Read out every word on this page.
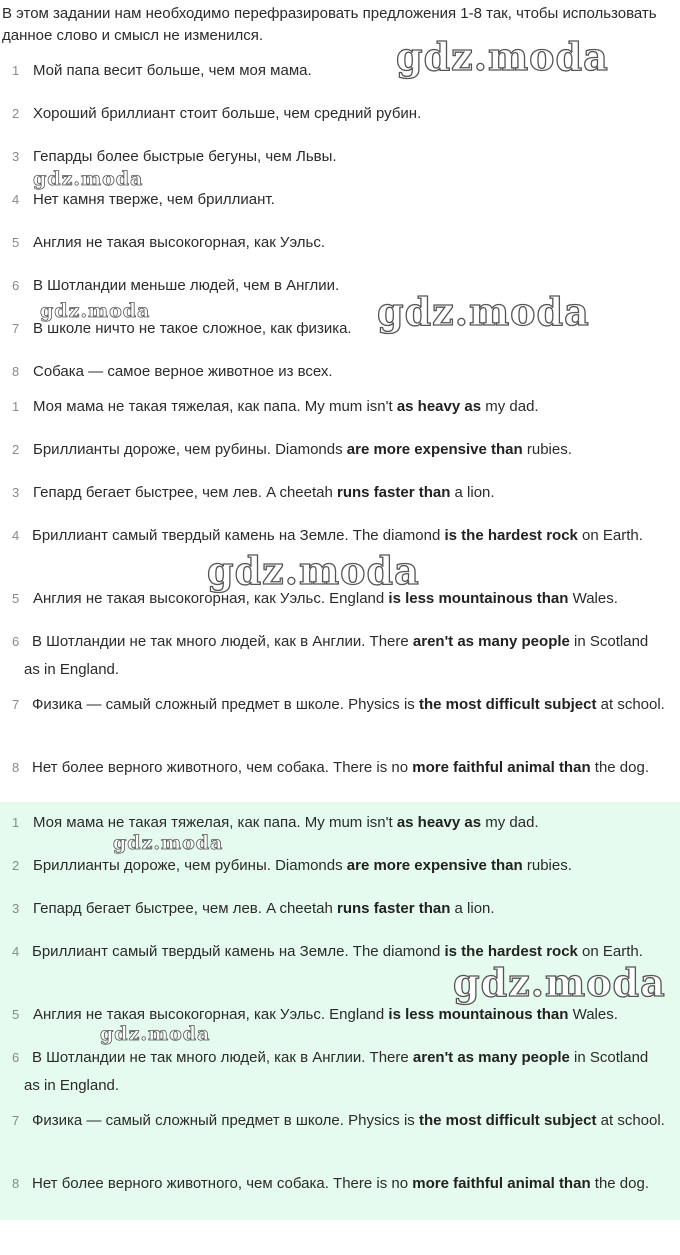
В этом задании нам необходимо перефразировать предложения 1-8 так, чтобы использовать данное слово и смысл не изменился.
1 Мой папа весит больше, чем моя мама.
2 Хороший бриллиант стоит больше, чем средний рубин.
3 Гепарды более быстрые бегуны, чем Львы.
4 Нет камня тверже, чем бриллиант.
5 Англия не такая высокогорная, как Уэльс.
6 В Шотландии меньше людей, чем в Англии.
7 В школе ничто не такое сложное, как физика.
8 Собака — самое верное животное из всех.
1 Моя мама не такая тяжелая, как папа. My mum isn't as heavy as my dad.
2 Бриллианты дороже, чем рубины. Diamonds are more expensive than rubies.
3 Гепард бегает быстрее, чем лев. A cheetah runs faster than a lion.
4 Бриллиант самый твердый камень на Земле. The diamond is the hardest rock on Earth.
5 Англия не такая высокогорная, как Уэльс. England is less mountainous than Wales.
6 В Шотландии не так много людей, как в Англии. There aren't as many people in Scotland as in England.
7 Физика — самый сложный предмет в школе. Physics is the most difficult subject at school.
8 Нет более верного животного, чем собака. There is no more faithful animal than the dog.
1 Моя мама не такая тяжелая, как папа. My mum isn't as heavy as my dad.
2 Бриллианты дороже, чем рубины. Diamonds are more expensive than rubies.
3 Гепард бегает быстрее, чем лев. A cheetah runs faster than a lion.
4 Бриллиант самый твердый камень на Земле. The diamond is the hardest rock on Earth.
5 Англия не такая высокогорная, как Уэльс. England is less mountainous than Wales.
6 В Шотландии не так много людей, как в Англии. There aren't as many people in Scotland as in England.
7 Физика — самый сложный предмет в школе. Physics is the most difficult subject at school.
8 Нет более верного животного, чем собака. There is no more faithful animal than the dog.
gdz.moda
gdz.moda
gdz.moda	gdz.moda
gdz.moda
gdz.moda
gdz.moda
gdz.moda
